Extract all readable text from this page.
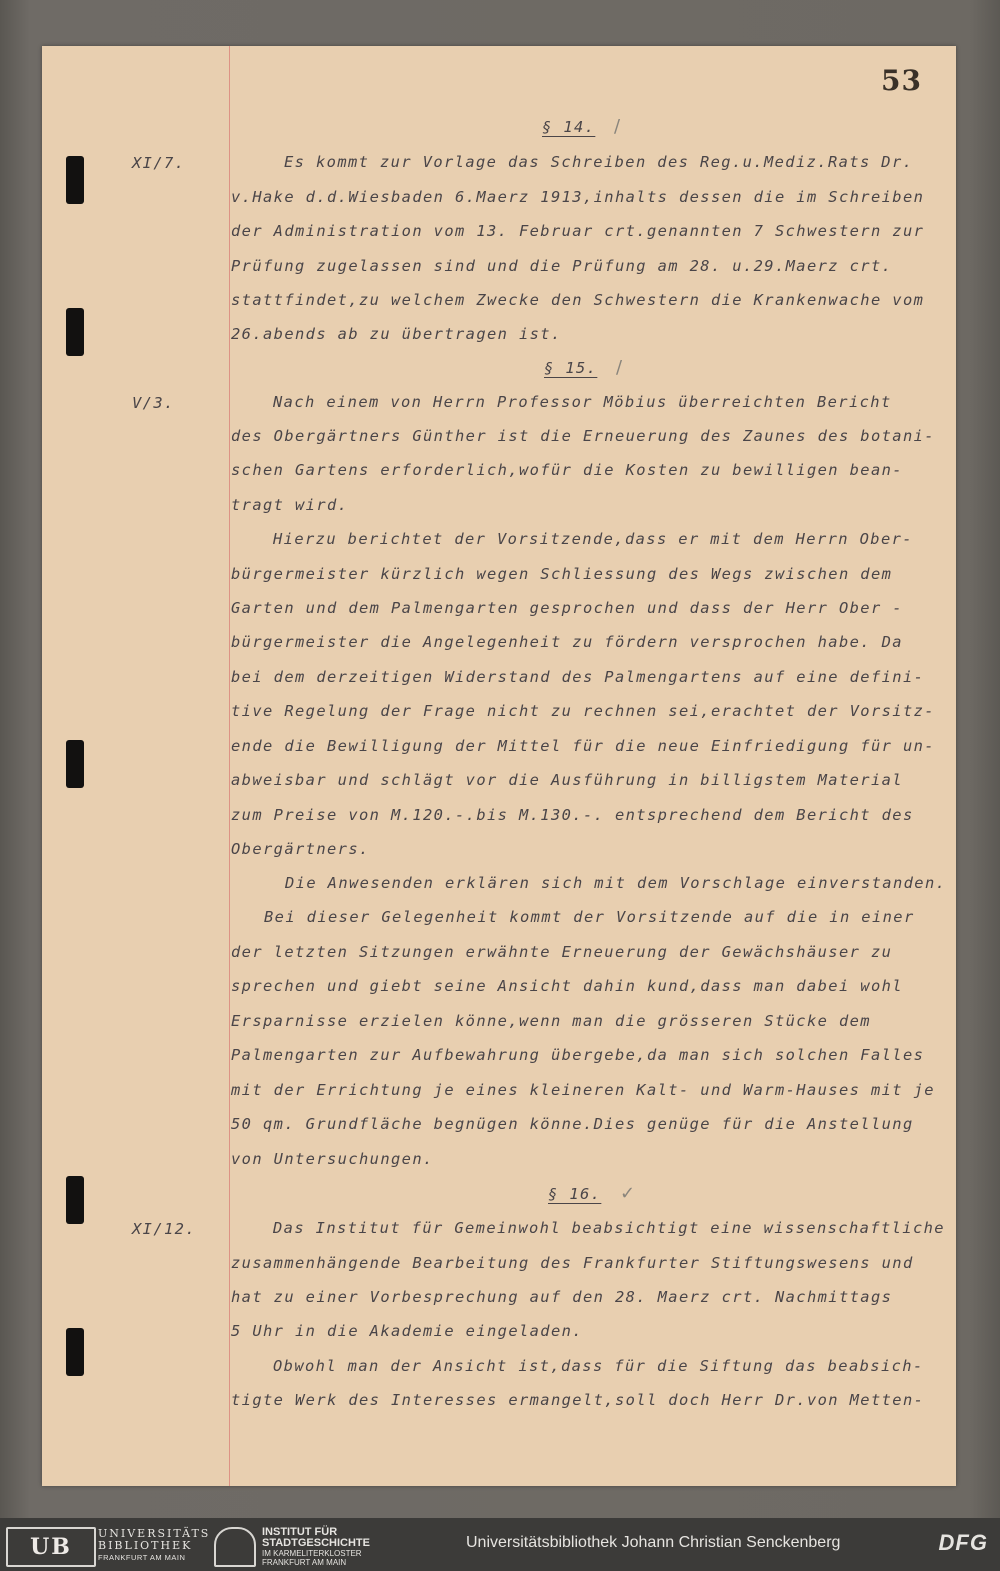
53
XI/7.
V/3.
XI/12.
§ 14. /
§ 15. /
§ 16. ✓
Es kommt zur Vorlage das Schreiben des Reg.u.Mediz.Rats Dr.
v.Hake d.d.Wiesbaden 6.Maerz 1913,inhalts dessen die im Schreiben
der Administration vom 13. Februar crt.genannten 7 Schwestern zur
Prüfung zugelassen sind und die Prüfung am 28. u.29.Maerz crt.
stattfindet,zu welchem Zwecke den Schwestern die Krankenwache vom
26.abends ab zu übertragen ist.
Nach einem von Herrn Professor Möbius überreichten Bericht
des Obergärtners Günther ist die Erneuerung des Zaunes des botani-
schen Gartens erforderlich,wofür die Kosten zu bewilligen bean-
tragt wird.
Hierzu berichtet der Vorsitzende,dass er mit dem Herrn Ober-
bürgermeister kürzlich wegen Schliessung des Wegs zwischen dem
Garten und dem Palmengarten gesprochen und dass der Herr Ober -
bürgermeister die Angelegenheit zu fördern versprochen habe. Da
bei dem derzeitigen Widerstand des Palmengartens auf eine defini-
tive Regelung der Frage nicht zu rechnen sei,erachtet der Vorsitz-
ende die Bewilligung der Mittel für die neue Einfriedigung für un-
abweisbar und schlägt vor die Ausführung in billigstem Material
zum Preise von M.120.-.bis M.130.-. entsprechend dem Bericht des
Obergärtners.
Die Anwesenden erklären sich mit dem Vorschlage einverstanden.
Bei dieser Gelegenheit kommt der Vorsitzende auf die in einer
der letzten Sitzungen erwähnte Erneuerung der Gewächshäuser zu
sprechen und giebt seine Ansicht dahin kund,dass man dabei wohl
Ersparnisse erzielen könne,wenn man die grösseren Stücke dem
Palmengarten zur Aufbewahrung übergebe,da man sich solchen Falles
mit der Errichtung je eines kleineren Kalt- und Warm-Hauses mit je
50 qm. Grundfläche begnügen könne.Dies genüge für die Anstellung
von Untersuchungen.
Das Institut für Gemeinwohl beabsichtigt eine wissenschaftliche
zusammenhängende Bearbeitung des Frankfurter Stiftungswesens und
hat zu einer Vorbesprechung auf den 28. Maerz crt. Nachmittags
5 Uhr in die Akademie eingeladen.
Obwohl man der Ansicht ist,dass für die Siftung das beabsich-
tigte Werk des Interesses ermangelt,soll doch Herr Dr.von Metten-
UB
UNIVERSITÄTS
BIBLIOTHEK
FRANKFURT AM MAIN
INSTITUT FÜR
STADTGESCHICHTE
IM KARMELITERKLOSTER
FRANKFURT AM MAIN
Universitätsbibliothek Johann Christian Senckenberg	DFG
